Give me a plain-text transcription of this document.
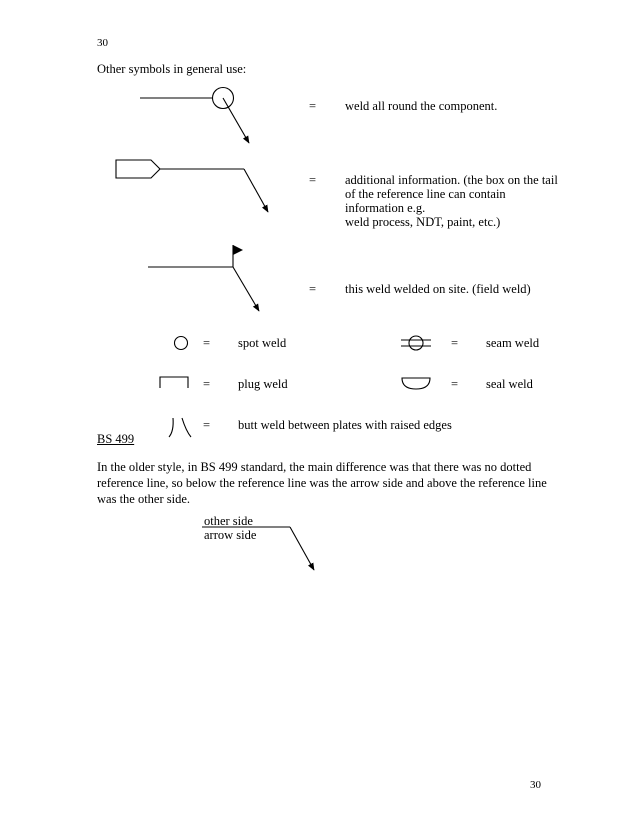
30
30
Other symbols in general use:
= weld all round the component.
= additional information. (the box on the tail
of the reference line can contain
information e.g.
weld process, NDT, paint, etc.)
= this weld welded on site. (field weld)
= spot weld	= seam weld
= plug weld	= seal weld
= butt weld between plates with raised edges
BS 499
In the older style, in BS 499 standard, the main difference was that there was no dotted reference line, so below the reference line was the arrow side and above the reference line was the other side.
other side
arrow side
